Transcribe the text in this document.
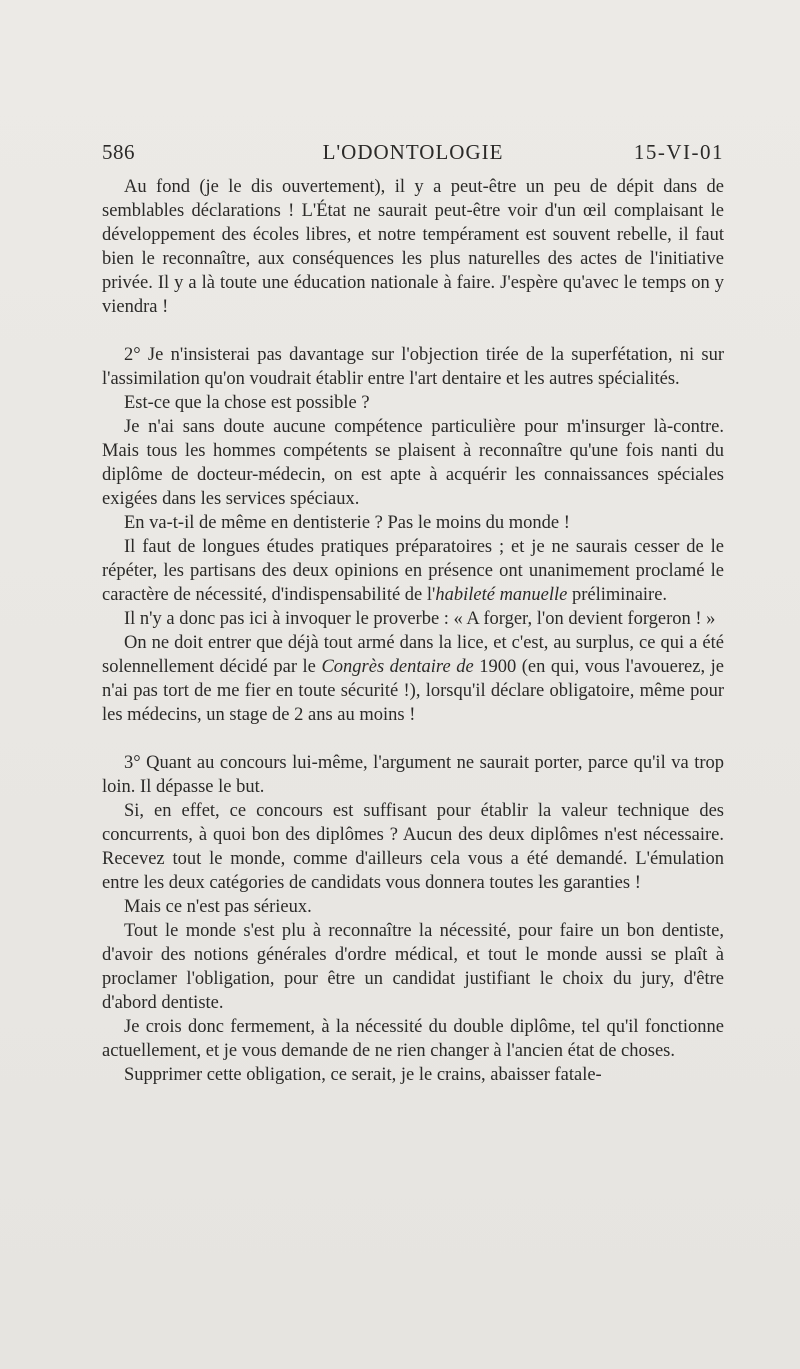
586	L'ODONTOLOGIE	15-VI-01

Au fond (je le dis ouvertement), il y a peut-être un peu de dépit dans de semblables déclarations ! L'État ne saurait peut-être voir d'un œil complaisant le développement des écoles libres, et notre tempérament est souvent rebelle, il faut bien le reconnaître, aux conséquences les plus naturelles des actes de l'initiative privée. Il y a là toute une éducation nationale à faire. J'espère qu'avec le temps on y viendra !

2° Je n'insisterai pas davantage sur l'objection tirée de la superfétation, ni sur l'assimilation qu'on voudrait établir entre l'art dentaire et les autres spécialités.

Est-ce que la chose est possible ?

Je n'ai sans doute aucune compétence particulière pour m'insurger là-contre. Mais tous les hommes compétents se plaisent à reconnaître qu'une fois nanti du diplôme de docteur-médecin, on est apte à acquérir les connaissances spéciales exigées dans les services spéciaux.

En va-t-il de même en dentisterie ? Pas le moins du monde !

Il faut de longues études pratiques préparatoires ; et je ne saurais cesser de le répéter, les partisans des deux opinions en présence ont unanimement proclamé le caractère de nécessité, d'indispensabilité de l'habileté manuelle préliminaire.

Il n'y a donc pas ici à invoquer le proverbe : « A forger, l'on devient forgeron ! »

On ne doit entrer que déjà tout armé dans la lice, et c'est, au surplus, ce qui a été solennellement décidé par le Congrès dentaire de 1900 (en qui, vous l'avouerez, je n'ai pas tort de me fier en toute sécurité !), lorsqu'il déclare obligatoire, même pour les médecins, un stage de 2 ans au moins !

3° Quant au concours lui-même, l'argument ne saurait porter, parce qu'il va trop loin. Il dépasse le but.

Si, en effet, ce concours est suffisant pour établir la valeur technique des concurrents, à quoi bon des diplômes ? Aucun des deux diplômes n'est nécessaire. Recevez tout le monde, comme d'ailleurs cela vous a été demandé. L'émulation entre les deux catégories de candidats vous donnera toutes les garanties !

Mais ce n'est pas sérieux.

Tout le monde s'est plu à reconnaître la nécessité, pour faire un bon dentiste, d'avoir des notions générales d'ordre médical, et tout le monde aussi se plaît à proclamer l'obligation, pour être un candidat justifiant le choix du jury, d'être d'abord dentiste.

Je crois donc fermement, à la nécessité du double diplôme, tel qu'il fonctionne actuellement, et je vous demande de ne rien changer à l'ancien état de choses.

Supprimer cette obligation, ce serait, je le crains, abaisser fatale-
